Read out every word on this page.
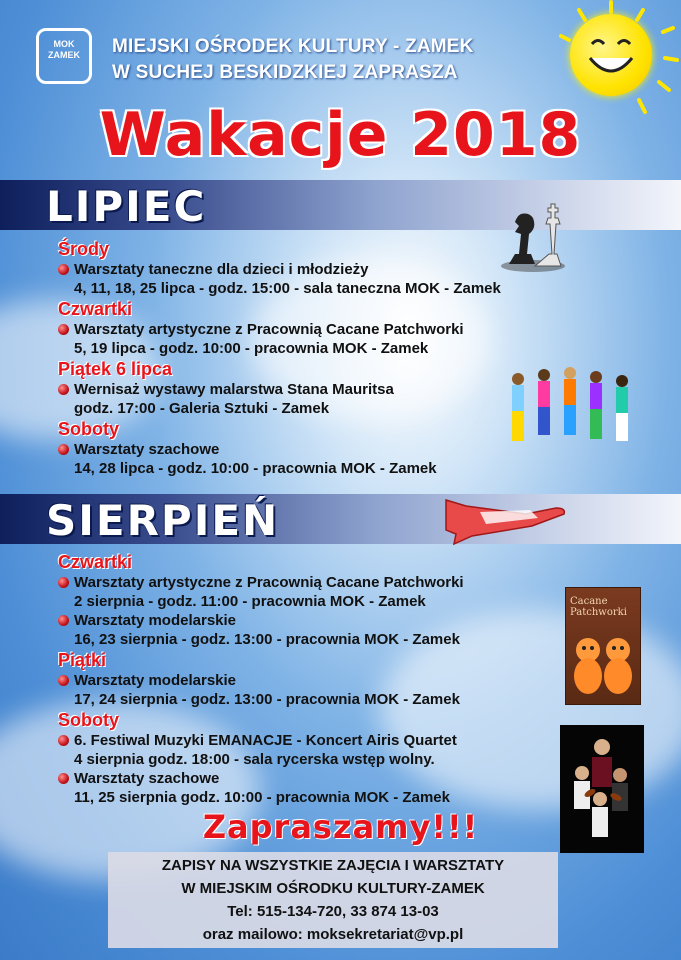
MOK
ZAMEK	MIEJSKI OŚRODEK KULTURY - ZAMEK
W SUCHEJ BESKIDZKIEJ ZAPRASZA
Wakacje 2018
LIPIEC
Środy
Warsztaty taneczne dla dzieci i młodzieży
4, 11, 18, 25 lipca - godz. 15:00 - sala taneczna MOK - Zamek
Czwartki
Warsztaty artystyczne z Pracownią Cacane Patchworki
5, 19 lipca - godz. 10:00 - pracownia MOK - Zamek
Piątek 6 lipca
Wernisaż wystawy malarstwa Stana Mauritsa
godz. 17:00 - Galeria Sztuki - Zamek
Soboty
Warsztaty szachowe
14, 28 lipca - godz. 10:00 - pracownia MOK - Zamek
SIERPIEŃ
Czwartki
Warsztaty artystyczne z Pracownią Cacane Patchworki
2 sierpnia - godz. 11:00 - pracownia MOK - Zamek
Warsztaty modelarskie
16, 23 sierpnia - godz. 13:00 - pracownia MOK - Zamek
Piątki
Warsztaty modelarskie
17, 24 sierpnia - godz. 13:00 - pracownia MOK - Zamek
Soboty
6. Festiwal Muzyki EMANACJE - Koncert Airis Quartet
4 sierpnia godz. 18:00 - sala rycerska wstęp wolny.
Warsztaty szachowe
11, 25 sierpnia godz. 10:00 - pracownia MOK - Zamek
Cacane Patchworki
Zapraszamy!!!
ZAPISY NA WSZYSTKIE ZAJĘCIA I WARSZTATY
W MIEJSKIM OŚRODKU KULTURY-ZAMEK
Tel: 515-134-720, 33 874 13-03
oraz mailowo: moksekretariat@vp.pl
